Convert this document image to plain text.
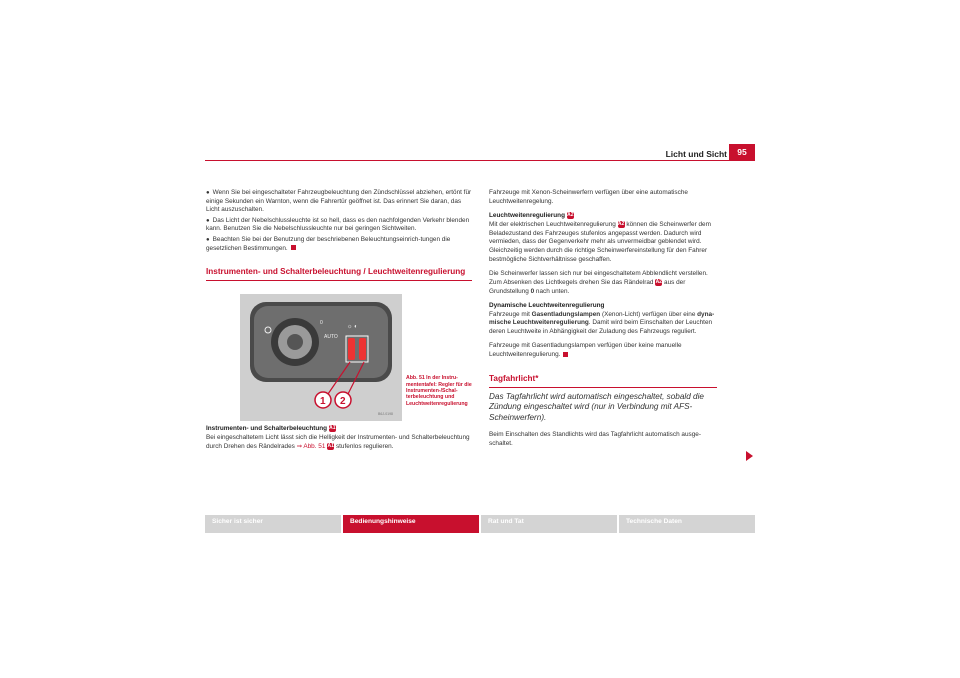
Licht und Sicht	95
● Wenn Sie bei eingeschalteter Fahrzeugbeleuchtung den Zündschlüssel abziehen, ertönt für einige Sekunden ein Warnton, wenn die Fahrertür geöffnet ist. Das erinnert Sie daran, das Licht auszuschalten.
● Das Licht der Nebelschlussleuchte ist so hell, dass es den nachfolgenden Verkehr blenden kann. Benutzen Sie die Nebelschlussleuchte nur bei geringen Sichtweiten.
● Beachten Sie bei der Benutzung der beschriebenen Beleuchtungseinrich-tungen die gesetzlichen Bestimmungen.
Instrumenten- und Schalterbeleuchtung / Leuchtweitenregulierung
0
AUTO
☼ ◐
1 2
B6J-0198
Abb. 51 In der Instru-mententafel: Regler für die Instrumenten-/Schal-terbeleuchtung und Leuchtweitenregulierung
Instrumenten- und Schalterbeleuchtung A1
Bei eingeschaltetem Licht lässt sich die Helligkeit der Instrumenten- und Schalterbeleuchtung durch Drehen des Rändelrades ⇒ Abb. 51 A1 stufenlos regulieren.
Fahrzeuge mit Xenon-Scheinwerfern verfügen über eine automatische Leuchtweitenregelung.
Leuchtweitenregulierung A2
Mit der elektrischen Leuchtweitenregulierung A2 können die Scheinwerfer dem Beladezustand des Fahrzeuges stufenlos angepasst werden. Dadurch wird vermieden, dass der Gegenverkehr mehr als unvermeidbar geblendet wird. Gleichzeitig werden durch die richtige Scheinwerfereinstellung für den Fahrer bestmögliche Sichtverhältnisse geschaffen.
Die Scheinwerfer lassen sich nur bei eingeschaltetem Abblendlicht verstellen. Zum Absenken des Lichtkegels drehen Sie das Rändelrad A2 aus der Grundstellung 0 nach unten.
Dynamische Leuchtweitenregulierung
Fahrzeuge mit Gasentladungslampen (Xenon-Licht) verfügen über eine dyna-mische Leuchtweitenregulierung. Damit wird beim Einschalten der Leuchten deren Leuchtweite in Abhängigkeit der Zuladung des Fahrzeugs reguliert.
Fahrzeuge mit Gasentladungslampen verfügen über keine manuelle Leuchtweitenregulierung.
Tagfahrlicht*
Das Tagfahrlicht wird automatisch eingeschaltet, sobald die Zündung eingeschaltet wird (nur in Verbindung mit AFS-Scheinwerfern).
Beim Einschalten des Standlichts wird das Tagfahrlicht automatisch ausge-schaltet.
Sicher ist sicher	Bedienungshinweise	Rat und Tat	Technische Daten
